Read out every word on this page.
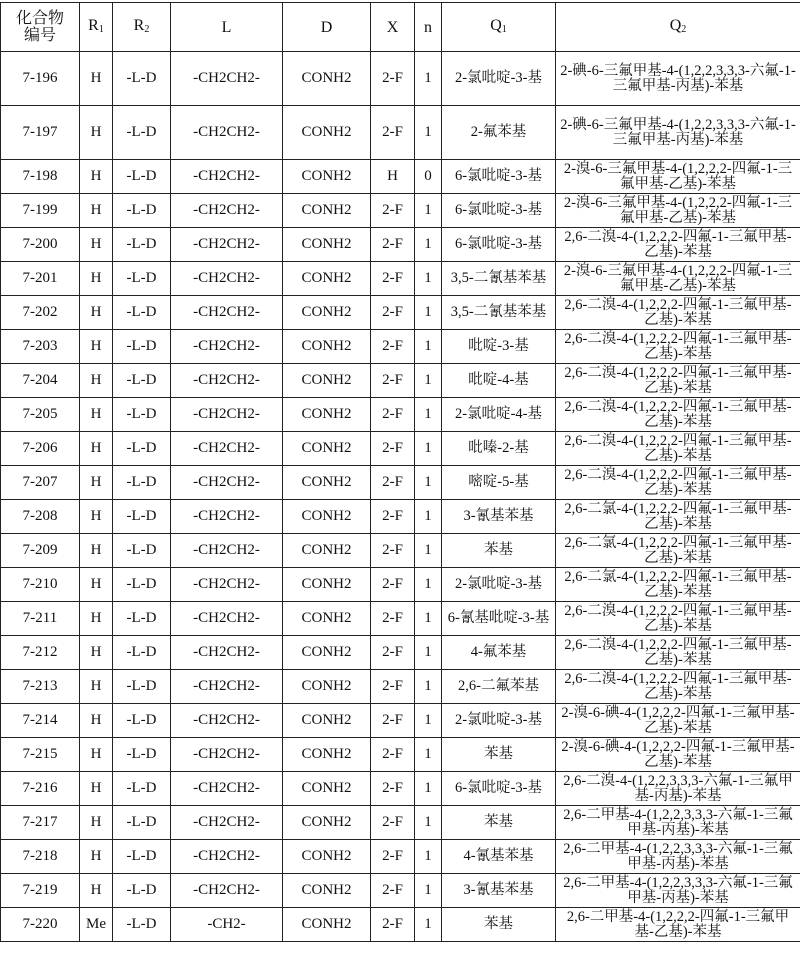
化合物编号	R1	R2	L	D	X	n	Q1	Q2
7-196	H	-L-D	-CH2CH2-	CONH2	2-F	1	2-氯吡啶-3-基	2-碘-6-三氟甲基-4-(1,2,2,3,3,3-六氟-1-三氟甲基-丙基)-苯基
7-197	H	-L-D	-CH2CH2-	CONH2	2-F	1	2-氟苯基	2-碘-6-三氟甲基-4-(1,2,2,3,3,3-六氟-1-三氟甲基-丙基)-苯基
7-198	H	-L-D	-CH2CH2-	CONH2	H	0	6-氯吡啶-3-基	2-溴-6-三氟甲基-4-(1,2,2,2-四氟-1-三氟甲基-乙基)-苯基
7-199	H	-L-D	-CH2CH2-	CONH2	2-F	1	6-氯吡啶-3-基	2-溴-6-三氟甲基-4-(1,2,2,2-四氟-1-三氟甲基-乙基)-苯基
7-200	H	-L-D	-CH2CH2-	CONH2	2-F	1	6-氯吡啶-3-基	2,6-二溴-4-(1,2,2,2-四氟-1-三氟甲基-乙基)-苯基
7-201	H	-L-D	-CH2CH2-	CONH2	2-F	1	3,5-二氰基苯基	2-溴-6-三氟甲基-4-(1,2,2,2-四氟-1-三氟甲基-乙基)-苯基
7-202	H	-L-D	-CH2CH2-	CONH2	2-F	1	3,5-二氰基苯基	2,6-二溴-4-(1,2,2,2-四氟-1-三氟甲基-乙基)-苯基
7-203	H	-L-D	-CH2CH2-	CONH2	2-F	1	吡啶-3-基	2,6-二溴-4-(1,2,2,2-四氟-1-三氟甲基-乙基)-苯基
7-204	H	-L-D	-CH2CH2-	CONH2	2-F	1	吡啶-4-基	2,6-二溴-4-(1,2,2,2-四氟-1-三氟甲基-乙基)-苯基
7-205	H	-L-D	-CH2CH2-	CONH2	2-F	1	2-氯吡啶-4-基	2,6-二溴-4-(1,2,2,2-四氟-1-三氟甲基-乙基)-苯基
7-206	H	-L-D	-CH2CH2-	CONH2	2-F	1	吡嗪-2-基	2,6-二溴-4-(1,2,2,2-四氟-1-三氟甲基-乙基)-苯基
7-207	H	-L-D	-CH2CH2-	CONH2	2-F	1	嘧啶-5-基	2,6-二溴-4-(1,2,2,2-四氟-1-三氟甲基-乙基)-苯基
7-208	H	-L-D	-CH2CH2-	CONH2	2-F	1	3-氰基苯基	2,6-二氯-4-(1,2,2,2-四氟-1-三氟甲基-乙基)-苯基
7-209	H	-L-D	-CH2CH2-	CONH2	2-F	1	苯基	2,6-二氯-4-(1,2,2,2-四氟-1-三氟甲基-乙基)-苯基
7-210	H	-L-D	-CH2CH2-	CONH2	2-F	1	2-氯吡啶-3-基	2,6-二氯-4-(1,2,2,2-四氟-1-三氟甲基-乙基)-苯基
7-211	H	-L-D	-CH2CH2-	CONH2	2-F	1	6-氰基吡啶-3-基	2,6-二溴-4-(1,2,2,2-四氟-1-三氟甲基-乙基)-苯基
7-212	H	-L-D	-CH2CH2-	CONH2	2-F	1	4-氟苯基	2,6-二溴-4-(1,2,2,2-四氟-1-三氟甲基-乙基)-苯基
7-213	H	-L-D	-CH2CH2-	CONH2	2-F	1	2,6-二氟苯基	2,6-二溴-4-(1,2,2,2-四氟-1-三氟甲基-乙基)-苯基
7-214	H	-L-D	-CH2CH2-	CONH2	2-F	1	2-氯吡啶-3-基	2-溴-6-碘-4-(1,2,2,2-四氟-1-三氟甲基-乙基)-苯基
7-215	H	-L-D	-CH2CH2-	CONH2	2-F	1	苯基	2-溴-6-碘-4-(1,2,2,2-四氟-1-三氟甲基-乙基)-苯基
7-216	H	-L-D	-CH2CH2-	CONH2	2-F	1	6-氯吡啶-3-基	2,6-二溴-4-(1,2,2,3,3,3-六氟-1-三氟甲基-丙基)-苯基
7-217	H	-L-D	-CH2CH2-	CONH2	2-F	1	苯基	2,6-二甲基-4-(1,2,2,3,3,3-六氟-1-三氟甲基-丙基)-苯基
7-218	H	-L-D	-CH2CH2-	CONH2	2-F	1	4-氰基苯基	2,6-二甲基-4-(1,2,2,3,3,3-六氟-1-三氟甲基-丙基)-苯基
7-219	H	-L-D	-CH2CH2-	CONH2	2-F	1	3-氰基苯基	2,6-二甲基-4-(1,2,2,3,3,3-六氟-1-三氟甲基-丙基)-苯基
7-220	Me	-L-D	-CH2-	CONH2	2-F	1	苯基	2,6-二甲基-4-(1,2,2,2-四氟-1-三氟甲基-乙基)-苯基
